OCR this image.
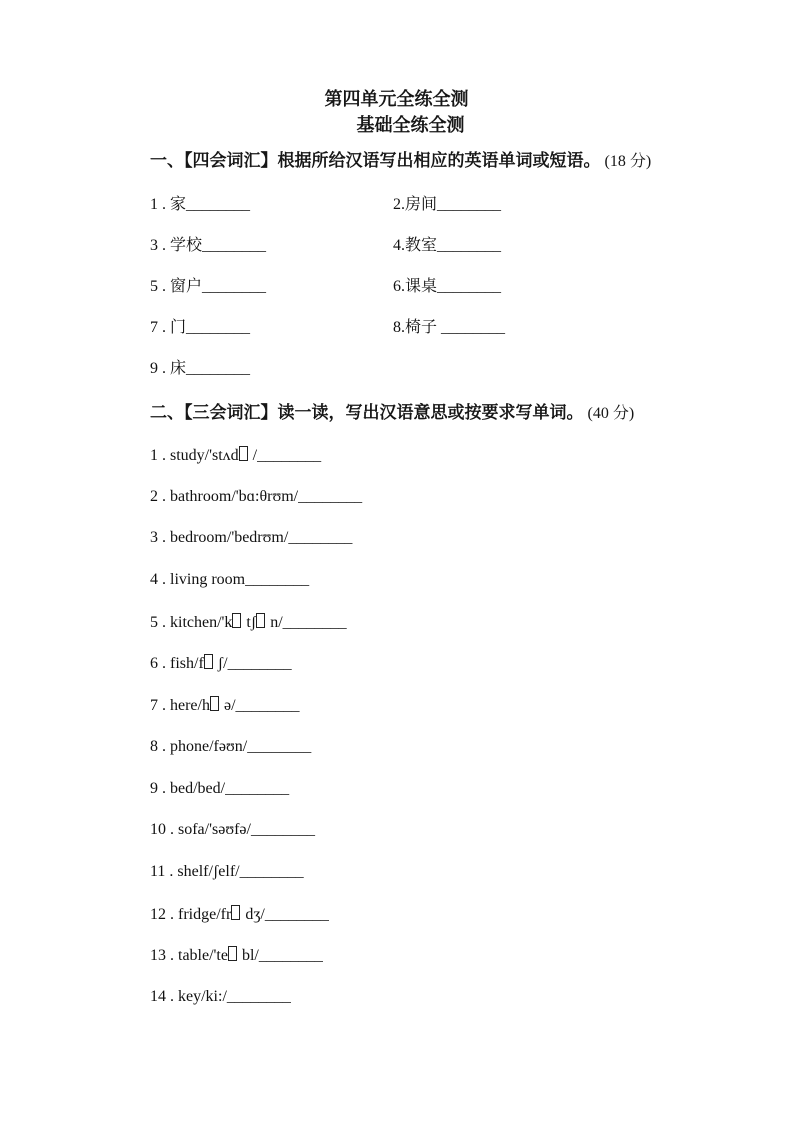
第四单元全练全测
基础全练全测
一、【四会词汇】根据所给汉语写出相应的英语单词或短语。 (18 分)
1 . 家________	2.房间________
3 . 学校________	4.教室________
5 . 窗户________	6.课桌________
7 . 门________	8.椅子 ________
9 . 床________
二、【三会词汇】读一读，写出汉语意思或按要求写单词。 (40 分)
1 . study/'stʌd /________
2 . bathroom/'bɑ:θrʊm/________
3 . bedroom/'bedrʊm/________
4 . living room________
5 . kitchen/'k tʃ n/________
6 . fish/f ʃ/________
7 . here/h ə/________
8 . phone/fəʊn/________
9 . bed/bed/________
10 . sofa/'səʊfə/________
11 . shelf/ʃelf/________
12 . fridge/fr dʒ/________
13 . table/'te bl/________
14 . key/ki:/________
